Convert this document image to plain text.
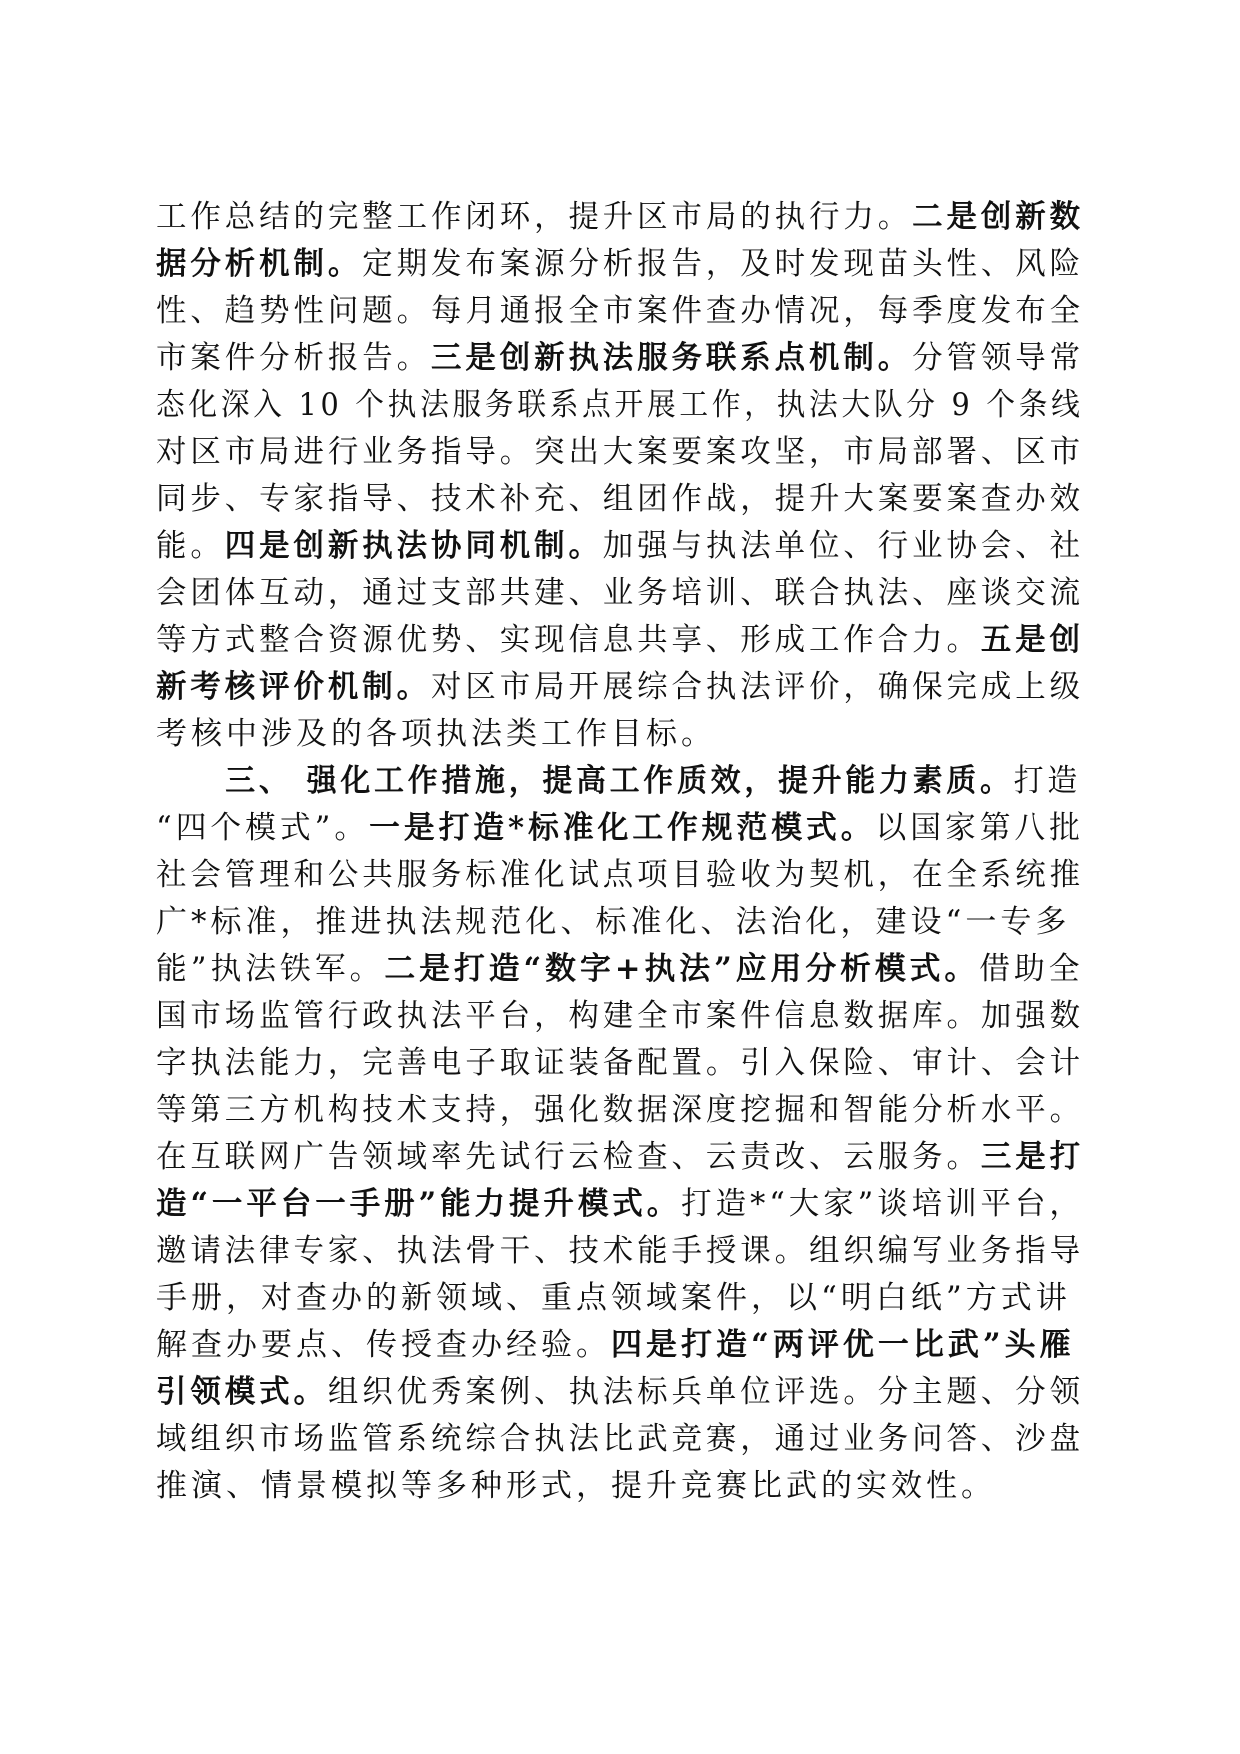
工作总结的完整工作闭环，提升区市局的执行力。二是创新数
据分析机制。定期发布案源分析报告，及时发现苗头性、风险
性、趋势性问题。每月通报全市案件查办情况，每季度发布全
市案件分析报告。三是创新执法服务联系点机制。分管领导常
态化深入 10 个执法服务联系点开展工作，执法大队分 9 个条线
对区市局进行业务指导。突出大案要案攻坚，市局部署、区市
同步、专家指导、技术补充、组团作战，提升大案要案查办效
能。四是创新执法协同机制。加强与执法单位、行业协会、社
会团体互动，通过支部共建、业务培训、联合执法、座谈交流
等方式整合资源优势、实现信息共享、形成工作合力。五是创
新考核评价机制。对区市局开展综合执法评价，确保完成上级
考核中涉及的各项执法类工作目标。
三、 强化工作措施，提高工作质效，提升能力素质。打造
“四个模式”。一是打造*标准化工作规范模式。以国家第八批
社会管理和公共服务标准化试点项目验收为契机，在全系统推
广*标准，推进执法规范化、标准化、法治化，建设“一专多
能”执法铁军。二是打造“数字+执法”应用分析模式。借助全
国市场监管行政执法平台，构建全市案件信息数据库。加强数
字执法能力，完善电子取证装备配置。引入保险、审计、会计
等第三方机构技术支持，强化数据深度挖掘和智能分析水平。
在互联网广告领域率先试行云检查、云责改、云服务。三是打
造“一平台一手册”能力提升模式。打造*“大家”谈培训平台，
邀请法律专家、执法骨干、技术能手授课。组织编写业务指导
手册，对查办的新领域、重点领域案件，以“明白纸”方式讲
解查办要点、传授查办经验。四是打造“两评优一比武”头雁
引领模式。组织优秀案例、执法标兵单位评选。分主题、分领
域组织市场监管系统综合执法比武竞赛，通过业务问答、沙盘
推演、情景模拟等多种形式，提升竞赛比武的实效性。
